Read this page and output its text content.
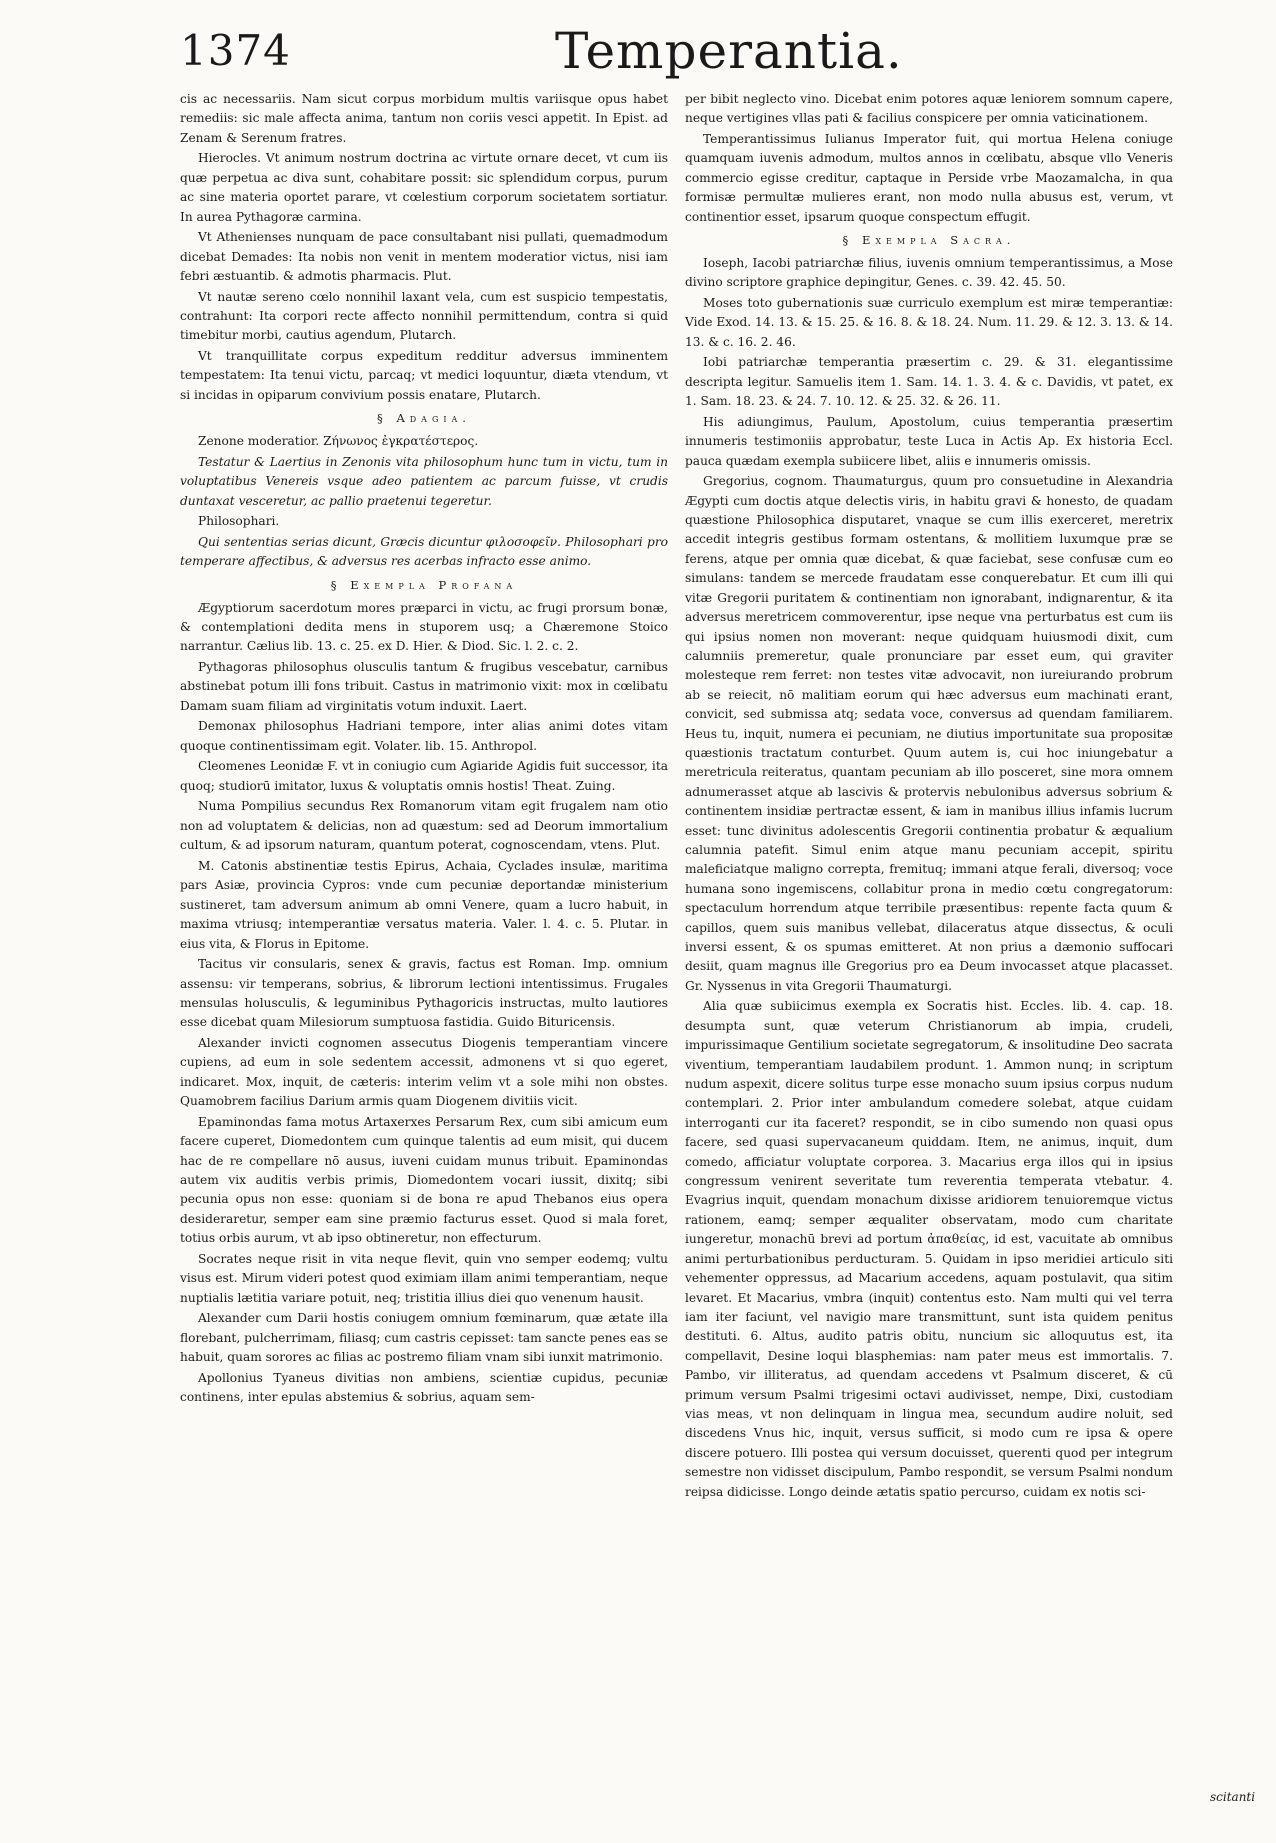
1374	Temperantia.

cis ac necessariis. Nam sicut corpus morbidum multis variisque opus habet remediis: sic male affecta anima, tantum non coriis vesci appetit. In Epist. ad Zenam & Serenum fratres.

Hierocles. Vt animum nostrum doctrina ac virtute ornare decet, vt cum iis quæ perpetua ac diva sunt, cohabitare possit: sic splendidum corpus, purum ac sine materia oportet parare, vt cœlestium corporum societatem sortiatur. In aurea Pythagoræ carmina.

Vt Athenienses nunquam de pace consultabant nisi pullati, quemadmodum dicebat Demades: Ita nobis non venit in mentem moderatior victus, nisi iam febri æstuantib. & admotis pharmacis. Plut.

Vt nautæ sereno cœlo nonnihil laxant vela, cum est suspicio tempestatis, contrahunt: Ita corpori recte affecto nonnihil permittendum, contra si quid timebitur morbi, cautius agendum, Plutarch.

Vt tranquillitate corpus expeditum redditur adversus imminentem tempestatem: Ita tenui victu, parcaq; vt medici loquuntur, diæta vtendum, vt si incidas in opiparum convivium possis enatare, Plutarch.

§ Adagia.

Zenone moderatior. Ζήνωνος ἐγκρατέστερος.

Testatur & Laertius in Zenonis vita philosophum hunc tum in victu, tum in voluptatibus Venereis vsque adeo patientem ac parcum fuisse, vt crudis duntaxat vesceretur, ac pallio praetenui tegeretur.

Philosophari.

Qui sententias serias dicunt, Græcis dicuntur φιλοσοφεῖν. Philosophari pro temperare affectibus, & adversus res acerbas infracto esse animo.

§ Exempla Profana

Ægyptiorum sacerdotum mores præparci in victu, ac frugi prorsum bonæ, & contemplationi dedita mens in stuporem usq; a Chæremone Stoico narrantur. Cælius lib. 13. c. 25. ex D. Hier. & Diod. Sic. l. 2. c. 2.

Pythagoras philosophus olusculis tantum & frugibus vescebatur, carnibus abstinebat potum illi fons tribuit. Castus in matrimonio vixit: mox in cœlibatu Damam suam filiam ad virginitatis votum induxit. Laert.

Demonax philosophus Hadriani tempore, inter alias animi dotes vitam quoque continentissimam egit. Volater. lib. 15. Anthropol.

Cleomenes Leonidæ F. vt in coniugio cum Agiaride Agidis fuit successor, ita quoq; studiorū imitator, luxus & voluptatis omnis hostis! Theat. Zuing.

Numa Pompilius secundus Rex Romanorum vitam egit frugalem nam otio non ad voluptatem & delicias, non ad quæstum: sed ad Deorum immortalium cultum, & ad ipsorum naturam, quantum poterat, cognoscendam, vtens. Plut.

M. Catonis abstinentiæ testis Epirus, Achaia, Cyclades insulæ, maritima pars Asiæ, provincia Cypros: vnde cum pecuniæ deportandæ ministerium sustineret, tam adversum animum ab omni Venere, quam a lucro habuit, in maxima vtriusq; intemperantiæ versatus materia. Valer. l. 4. c. 5. Plutar. in eius vita, & Florus in Epitome.

Tacitus vir consularis, senex & gravis, factus est Roman. Imp. omnium assensu: vir temperans, sobrius, & librorum lectioni intentissimus. Frugales mensulas holusculis, & leguminibus Pythagoricis instructas, multo lautiores esse dicebat quam Milesiorum sumptuosa fastidia. Guido Bituricensis.

Alexander invicti cognomen assecutus Diogenis temperantiam vincere cupiens, ad eum in sole sedentem accessit, admonens vt si quo egeret, indicaret. Mox, inquit, de cæteris: interim velim vt a sole mihi non obstes. Quamobrem facilius Darium armis quam Diogenem divitiis vicit.

Epaminondas fama motus Artaxerxes Persarum Rex, cum sibi amicum eum facere cuperet, Diomedontem cum quinque talentis ad eum misit, qui ducem hac de re compellare nō ausus, iuveni cuidam munus tribuit. Epaminondas autem vix auditis verbis primis, Diomedontem vocari iussit, dixitq; sibi pecunia opus non esse: quoniam si de bona re apud Thebanos eius opera desideraretur, semper eam sine præmio facturus esset. Quod si mala foret, totius orbis aurum, vt ab ipso obtineretur, non effecturum.

Socrates neque risit in vita neque flevit, quin vno semper eodemq; vultu visus est. Mirum videri potest quod eximiam illam animi temperantiam, neque nuptialis lætitia variare potuit, neq; tristitia illius diei quo venenum hausit.

Alexander cum Darii hostis coniugem omnium fœminarum, quæ ætate illa florebant, pulcherrimam, filiasq; cum castris cepisset: tam sancte penes eas se habuit, quam sorores ac filias ac postremo filiam vnam sibi iunxit matrimonio.

Apollonius Tyaneus divitias non ambiens, scientiæ cupidus, pecuniæ continens, inter epulas abstemius & sobrius, aquam sem-

per bibit neglecto vino. Dicebat enim potores aquæ leniorem somnum capere, neque vertigines vllas pati & facilius conspicere per omnia vaticinationem.

Temperantissimus Iulianus Imperator fuit, qui mortua Helena coniuge quamquam iuvenis admodum, multos annos in cœlibatu, absque vllo Veneris commercio egisse creditur, captaque in Perside vrbe Maozamalcha, in qua formisæ permultæ mulieres erant, non modo nulla abusus est, verum, vt continentior esset, ipsarum quoque conspectum effugit.

§ Exempla Sacra.

Ioseph, Iacobi patriarchæ filius, iuvenis omnium temperantissimus, a Mose divino scriptore graphice depingitur, Genes. c. 39. 42. 45. 50.

Moses toto gubernationis suæ curriculo exemplum est miræ temperantiæ: Vide Exod. 14. 13. & 15. 25. & 16. 8. & 18. 24. Num. 11. 29. & 12. 3. 13. & 14. 13. & c. 16. 2. 46.

Iobi patriarchæ temperantia præsertim c. 29. & 31. elegantissime descripta legitur. Samuelis item 1. Sam. 14. 1. 3. 4. & c. Davidis, vt patet, ex 1. Sam. 18. 23. & 24. 7. 10. 12. & 25. 32. & 26. 11.

His adiungimus, Paulum, Apostolum, cuius temperantia præsertim innumeris testimoniis approbatur, teste Luca in Actis Ap. Ex historia Eccl. pauca quædam exempla subiicere libet, aliis e innumeris omissis.

Gregorius, cognom. Thaumaturgus, quum pro consuetudine in Alexandria Ægypti cum doctis atque delectis viris, in habitu gravi & honesto, de quadam quæstione Philosophica disputaret, vnaque se cum illis exerceret, meretrix accedit integris gestibus formam ostentans, & mollitiem luxumque præ se ferens, atque per omnia quæ dicebat, & quæ faciebat, sese confusæ cum eo simulans: tandem se mercede fraudatam esse conquerebatur. Et cum illi qui vitæ Gregorii puritatem & continentiam non ignorabant, indignarentur, & ita adversus meretricem commoverentur, ipse neque vna perturbatus est cum iis qui ipsius nomen non moverant: neque quidquam huiusmodi dixit, cum calumniis premeretur, quale pronunciare par esset eum, qui graviter molesteque rem ferret: non testes vitæ advocavit, non iureiurando probrum ab se reiecit, nō malitiam eorum qui hæc adversus eum machinati erant, convicit, sed submissa atq; sedata voce, conversus ad quendam familiarem. Heus tu, inquit, numera ei pecuniam, ne diutius importunitate sua propositæ quæstionis tractatum conturbet. Quum autem is, cui hoc iniungebatur a meretricula reiteratus, quantam pecuniam ab illo posceret, sine mora omnem adnumerasset atque ab lascivis & protervis nebulonibus adversus sobrium & continentem insidiæ pertractæ essent, & iam in manibus illius infamis lucrum esset: tunc divinitus adolescentis Gregorii continentia probatur & æqualium calumnia patefit. Simul enim atque manu pecuniam accepit, spiritu maleficiatque maligno correpta, fremituq; immani atque ferali, diversoq; voce humana sono ingemiscens, collabitur prona in medio cœtu congregatorum: spectaculum horrendum atque terribile præsentibus: repente facta quum & capillos, quem suis manibus vellebat, dilaceratus atque dissectus, & oculi inversi essent, & os spumas emitteret. At non prius a dæmonio suffocari desiit, quam magnus ille Gregorius pro ea Deum invocasset atque placasset. Gr. Nyssenus in vita Gregorii Thaumaturgi.

Alia quæ subiicimus exempla ex Socratis hist. Eccles. lib. 4. cap. 18. desumpta sunt, quæ veterum Christianorum ab impia, crudeli, impurissimaque Gentilium societate segregatorum, & insolitudine Deo sacrata viventium, temperantiam laudabilem produnt. 1. Ammon nunq; in scriptum nudum aspexit, dicere solitus turpe esse monacho suum ipsius corpus nudum contemplari. 2. Prior inter ambulandum comedere solebat, atque cuidam interroganti cur ita faceret? respondit, se in cibo sumendo non quasi opus facere, sed quasi supervacaneum quiddam. Item, ne animus, inquit, dum comedo, afficiatur voluptate corporea. 3. Macarius erga illos qui in ipsius congressum venirent severitate tum reverentia temperata vtebatur. 4. Evagrius inquit, quendam monachum dixisse aridiorem tenuioremque victus rationem, eamq; semper æqualiter observatam, modo cum charitate iungeretur, monachū brevi ad portum ἀπαθείας, id est, vacuitate ab omnibus animi perturbationibus perducturam. 5. Quidam in ipso meridiei articulo siti vehementer oppressus, ad Macarium accedens, aquam postulavit, qua sitim levaret. Et Macarius, vmbra (inquit) contentus esto. Nam multi qui vel terra iam iter faciunt, vel navigio mare transmittunt, sunt ista quidem penitus destituti. 6. Altus, audito patris obitu, nuncium sic alloquutus est, ita compellavit, Desine loqui blasphemias: nam pater meus est immortalis. 7. Pambo, vir illiteratus, ad quendam accedens vt Psalmum disceret, & cū primum versum Psalmi trigesimi octavi audivisset, nempe, Dixi, custodiam vias meas, vt non delinquam in lingua mea, secundum audire noluit, sed discedens Vnus hic, inquit, versus sufficit, si modo cum re ipsa & opere discere potuero. Illi postea qui versum docuisset, querenti quod per integrum semestre non vidisset discipulum, Pambo respondit, se versum Psalmi nondum reipsa didicisse. Longo deinde ætatis spatio percurso, cuidam ex notis sci-

scitanti
